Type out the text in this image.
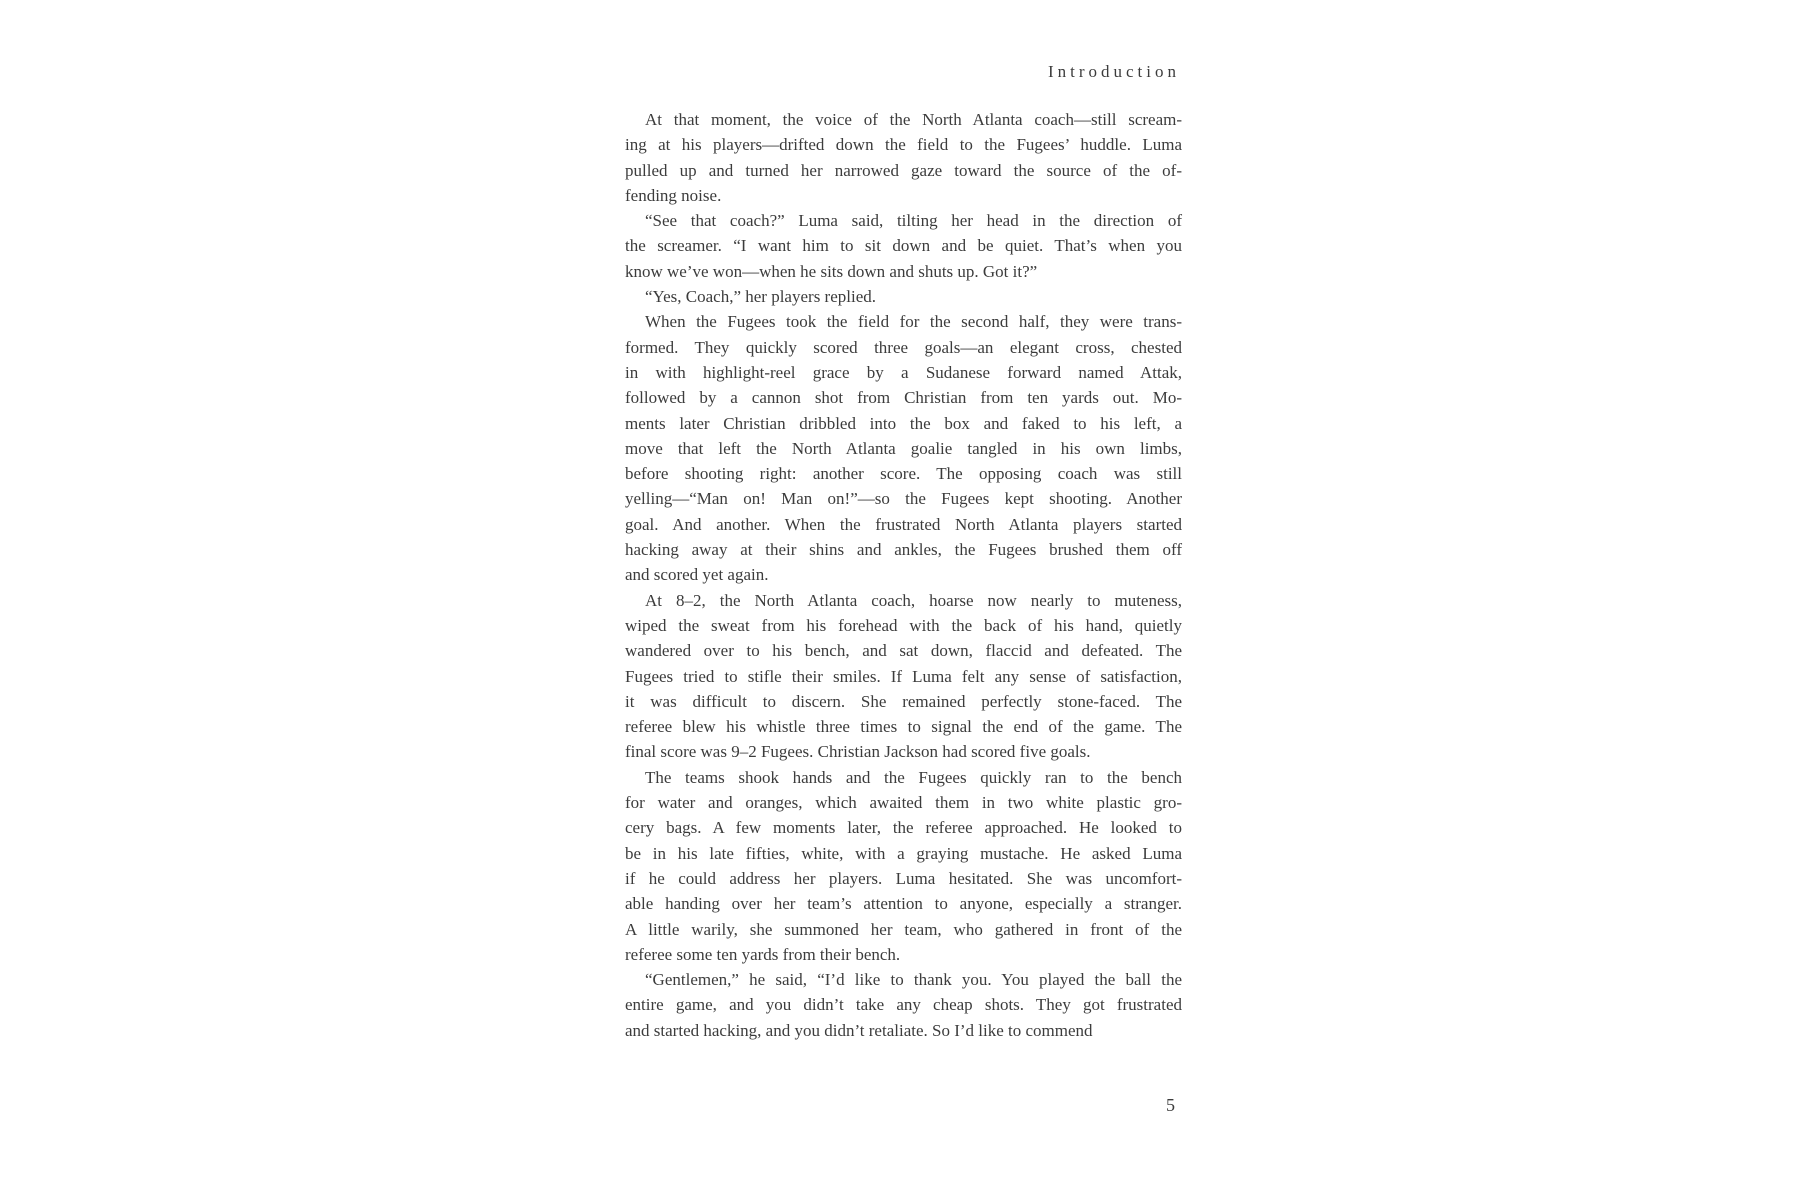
Introduction
At that moment, the voice of the North Atlanta coach—still scream-
ing at his players—drifted down the field to the Fugees’ huddle. Luma
pulled up and turned her narrowed gaze toward the source of the of-
fending noise.
“See that coach?” Luma said, tilting her head in the direction of
the screamer. “I want him to sit down and be quiet. That’s when you
know we’ve won—when he sits down and shuts up. Got it?”
“Yes, Coach,” her players replied.
When the Fugees took the field for the second half, they were trans-
formed. They quickly scored three goals—an elegant cross, chested
in with highlight-reel grace by a Sudanese forward named Attak,
followed by a cannon shot from Christian from ten yards out. Mo-
ments later Christian dribbled into the box and faked to his left, a
move that left the North Atlanta goalie tangled in his own limbs,
before shooting right: another score. The opposing coach was still
yelling—“Man on! Man on!”—so the Fugees kept shooting. Another
goal. And another. When the frustrated North Atlanta players started
hacking away at their shins and ankles, the Fugees brushed them off
and scored yet again.
At 8–2, the North Atlanta coach, hoarse now nearly to muteness,
wiped the sweat from his forehead with the back of his hand, quietly
wandered over to his bench, and sat down, flaccid and defeated. The
Fugees tried to stifle their smiles. If Luma felt any sense of satisfaction,
it was difficult to discern. She remained perfectly stone-faced. The
referee blew his whistle three times to signal the end of the game. The
final score was 9–2 Fugees. Christian Jackson had scored five goals.
The teams shook hands and the Fugees quickly ran to the bench
for water and oranges, which awaited them in two white plastic gro-
cery bags. A few moments later, the referee approached. He looked to
be in his late fifties, white, with a graying mustache. He asked Luma
if he could address her players. Luma hesitated. She was uncomfort-
able handing over her team’s attention to anyone, especially a stranger.
A little warily, she summoned her team, who gathered in front of the
referee some ten yards from their bench.
“Gentlemen,” he said, “I’d like to thank you. You played the ball the
entire game, and you didn’t take any cheap shots. They got frustrated
and started hacking, and you didn’t retaliate. So I’d like to commend
5
